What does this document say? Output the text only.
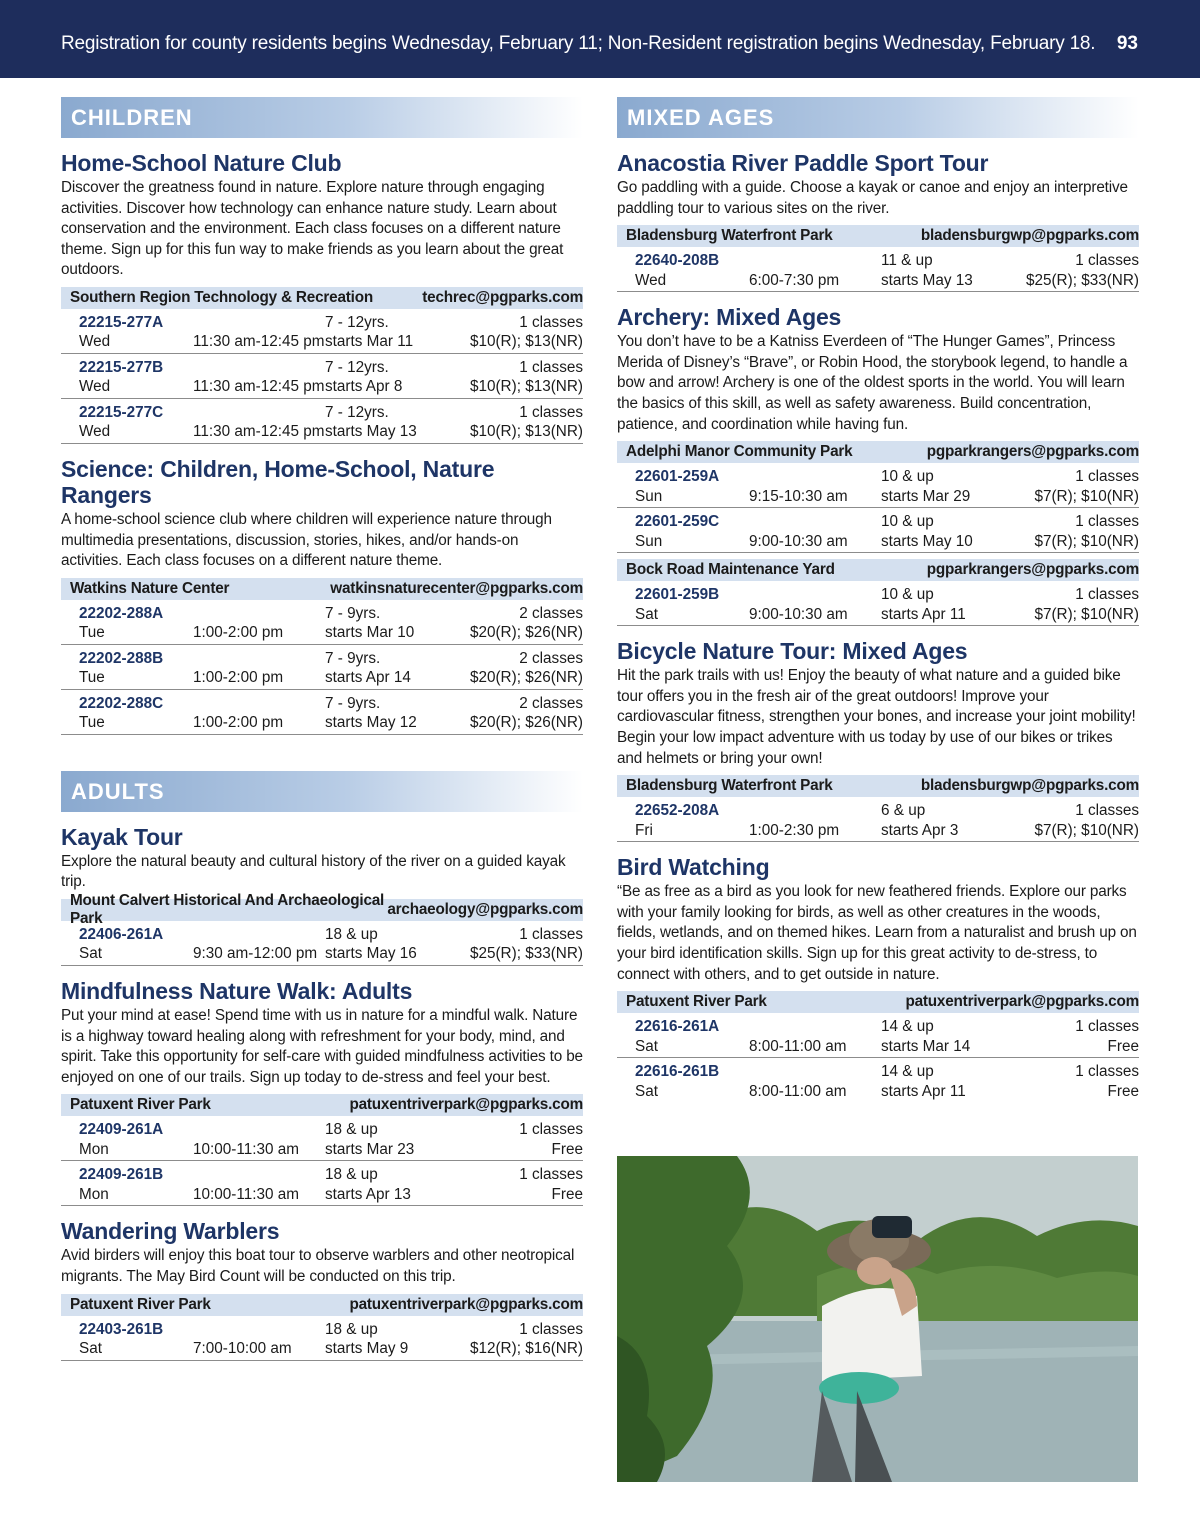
Registration for county residents begins Wednesday, February 11; Non-Resident registration begins Wednesday, February 18. 93
CHILDREN
Home-School Nature Club

Discover the greatness found in nature. Explore nature through engaging activities. Discover how technology can enhance nature study. Learn about conservation and the environment. Each class focuses on a different nature theme. Sign up for this fun way to make friends as you learn about the great outdoors.

Southern Region Technology & Recreation	techrec@pgparks.com
22215-277A	7 - 12yrs.	1 classes
Wed	11:30 am-12:45 pm starts Mar 11	$10(R); $13(NR)
22215-277B	7 - 12yrs.	1 classes
Wed	11:30 am-12:45 pm starts Apr 8	$10(R); $13(NR)
22215-277C	7 - 12yrs.	1 classes
Wed	11:30 am-12:45 pm starts May 13	$10(R); $13(NR)
Science: Children, Home-School, Nature Rangers

A home-school science club where children will experience nature through multimedia presentations, discussion, stories, hikes, and/or hands-on activities. Each class focuses on a different nature theme.

Watkins Nature Center	watkinsnaturecenter@pgparks.com
22202-288A	7 - 9yrs.	2 classes
Tue	1:00-2:00 pm	starts Mar 10	$20(R); $26(NR)
22202-288B	7 - 9yrs.	2 classes
Tue	1:00-2:00 pm	starts Apr 14	$20(R); $26(NR)
22202-288C	7 - 9yrs.	2 classes
Tue	1:00-2:00 pm	starts May 12	$20(R); $26(NR)
ADULTS
Kayak Tour

Explore the natural beauty and cultural history of the river on a guided kayak trip.

Mount Calvert Historical And Archaeological Park
archaeology@pgparks.com
22406-261A	18 & up	1 classes
Sat	9:30 am-12:00 pm starts May 16	$25(R); $33(NR)
Mindfulness Nature Walk: Adults

Put your mind at ease! Spend time with us in nature for a mindful walk. Nature is a highway toward healing along with refreshment for your body, mind, and spirit. Take this opportunity for self-care with guided mindfulness activities to be enjoyed on one of our trails. Sign up today to de-stress and feel your best.

Patuxent River Park	patuxentriverpark@pgparks.com
22409-261A	18 & up	1 classes
Mon	10:00-11:30 am	starts Mar 23	Free
22409-261B	18 & up	1 classes
Mon	10:00-11:30 am	starts Apr 13	Free
Wandering Warblers

Avid birders will enjoy this boat tour to observe warblers and other neotropical migrants. The May Bird Count will be conducted on this trip.

Patuxent River Park	patuxentriverpark@pgparks.com
22403-261B	18 & up	1 classes
Sat	7:00-10:00 am	starts May 9	$12(R); $16(NR)
MIXED AGES
Anacostia River Paddle Sport Tour

Go paddling with a guide. Choose a kayak or canoe and enjoy an interpretive paddling tour to various sites on the river.

Bladensburg Waterfront Park	bladensburgwp@pgparks.com
22640-208B	11 & up	1 classes
Wed	6:00-7:30 pm	starts May 13	$25(R); $33(NR)
Archery: Mixed Ages

You don’t have to be a Katniss Everdeen of “The Hunger Games”, Princess Merida of Disney’s “Brave”, or Robin Hood, the storybook legend, to handle a bow and arrow! Archery is one of the oldest sports in the world. You will learn the basics of this skill, as well as safety awareness. Build concentration, patience, and coordination while having fun.

Adelphi Manor Community Park	pgparkrangers@pgparks.com
22601-259A	10 & up	1 classes
Sun	9:15-10:30 am	starts Mar 29	$7(R); $10(NR)
22601-259C	10 & up	1 classes
Sun	9:00-10:30 am	starts May 10	$7(R); $10(NR)
Bock Road Maintenance Yard	pgparkrangers@pgparks.com
22601-259B	10 & up	1 classes
Sat	9:00-10:30 am	starts Apr 11	$7(R); $10(NR)
Bicycle Nature Tour: Mixed Ages

Hit the park trails with us! Enjoy the beauty of what nature and a guided bike tour offers you in the fresh air of the great outdoors! Improve your cardiovascular fitness, strengthen your bones, and increase your joint mobility! Begin your low impact adventure with us today by use of our bikes or trikes and helmets or bring your own!

Bladensburg Waterfront Park	bladensburgwp@pgparks.com
22652-208A	6 & up	1 classes
Fri	1:00-2:30 pm	starts Apr 3	$7(R); $10(NR)
Bird Watching

“Be as free as a bird as you look for new feathered friends. Explore our parks with your family looking for birds, as well as other creatures in the woods, fields, wetlands, and on themed hikes. Learn from a naturalist and brush up on your bird identification skills. Sign up for this great activity to de-stress, to connect with others, and to get outside in nature.

Patuxent River Park	patuxentriverpark@pgparks.com
22616-261A	14 & up	1 classes
Sat	8:00-11:00 am	starts Mar 14	Free
22616-261B	14 & up	1 classes
Sat	8:00-11:00 am	starts Apr 11	Free
